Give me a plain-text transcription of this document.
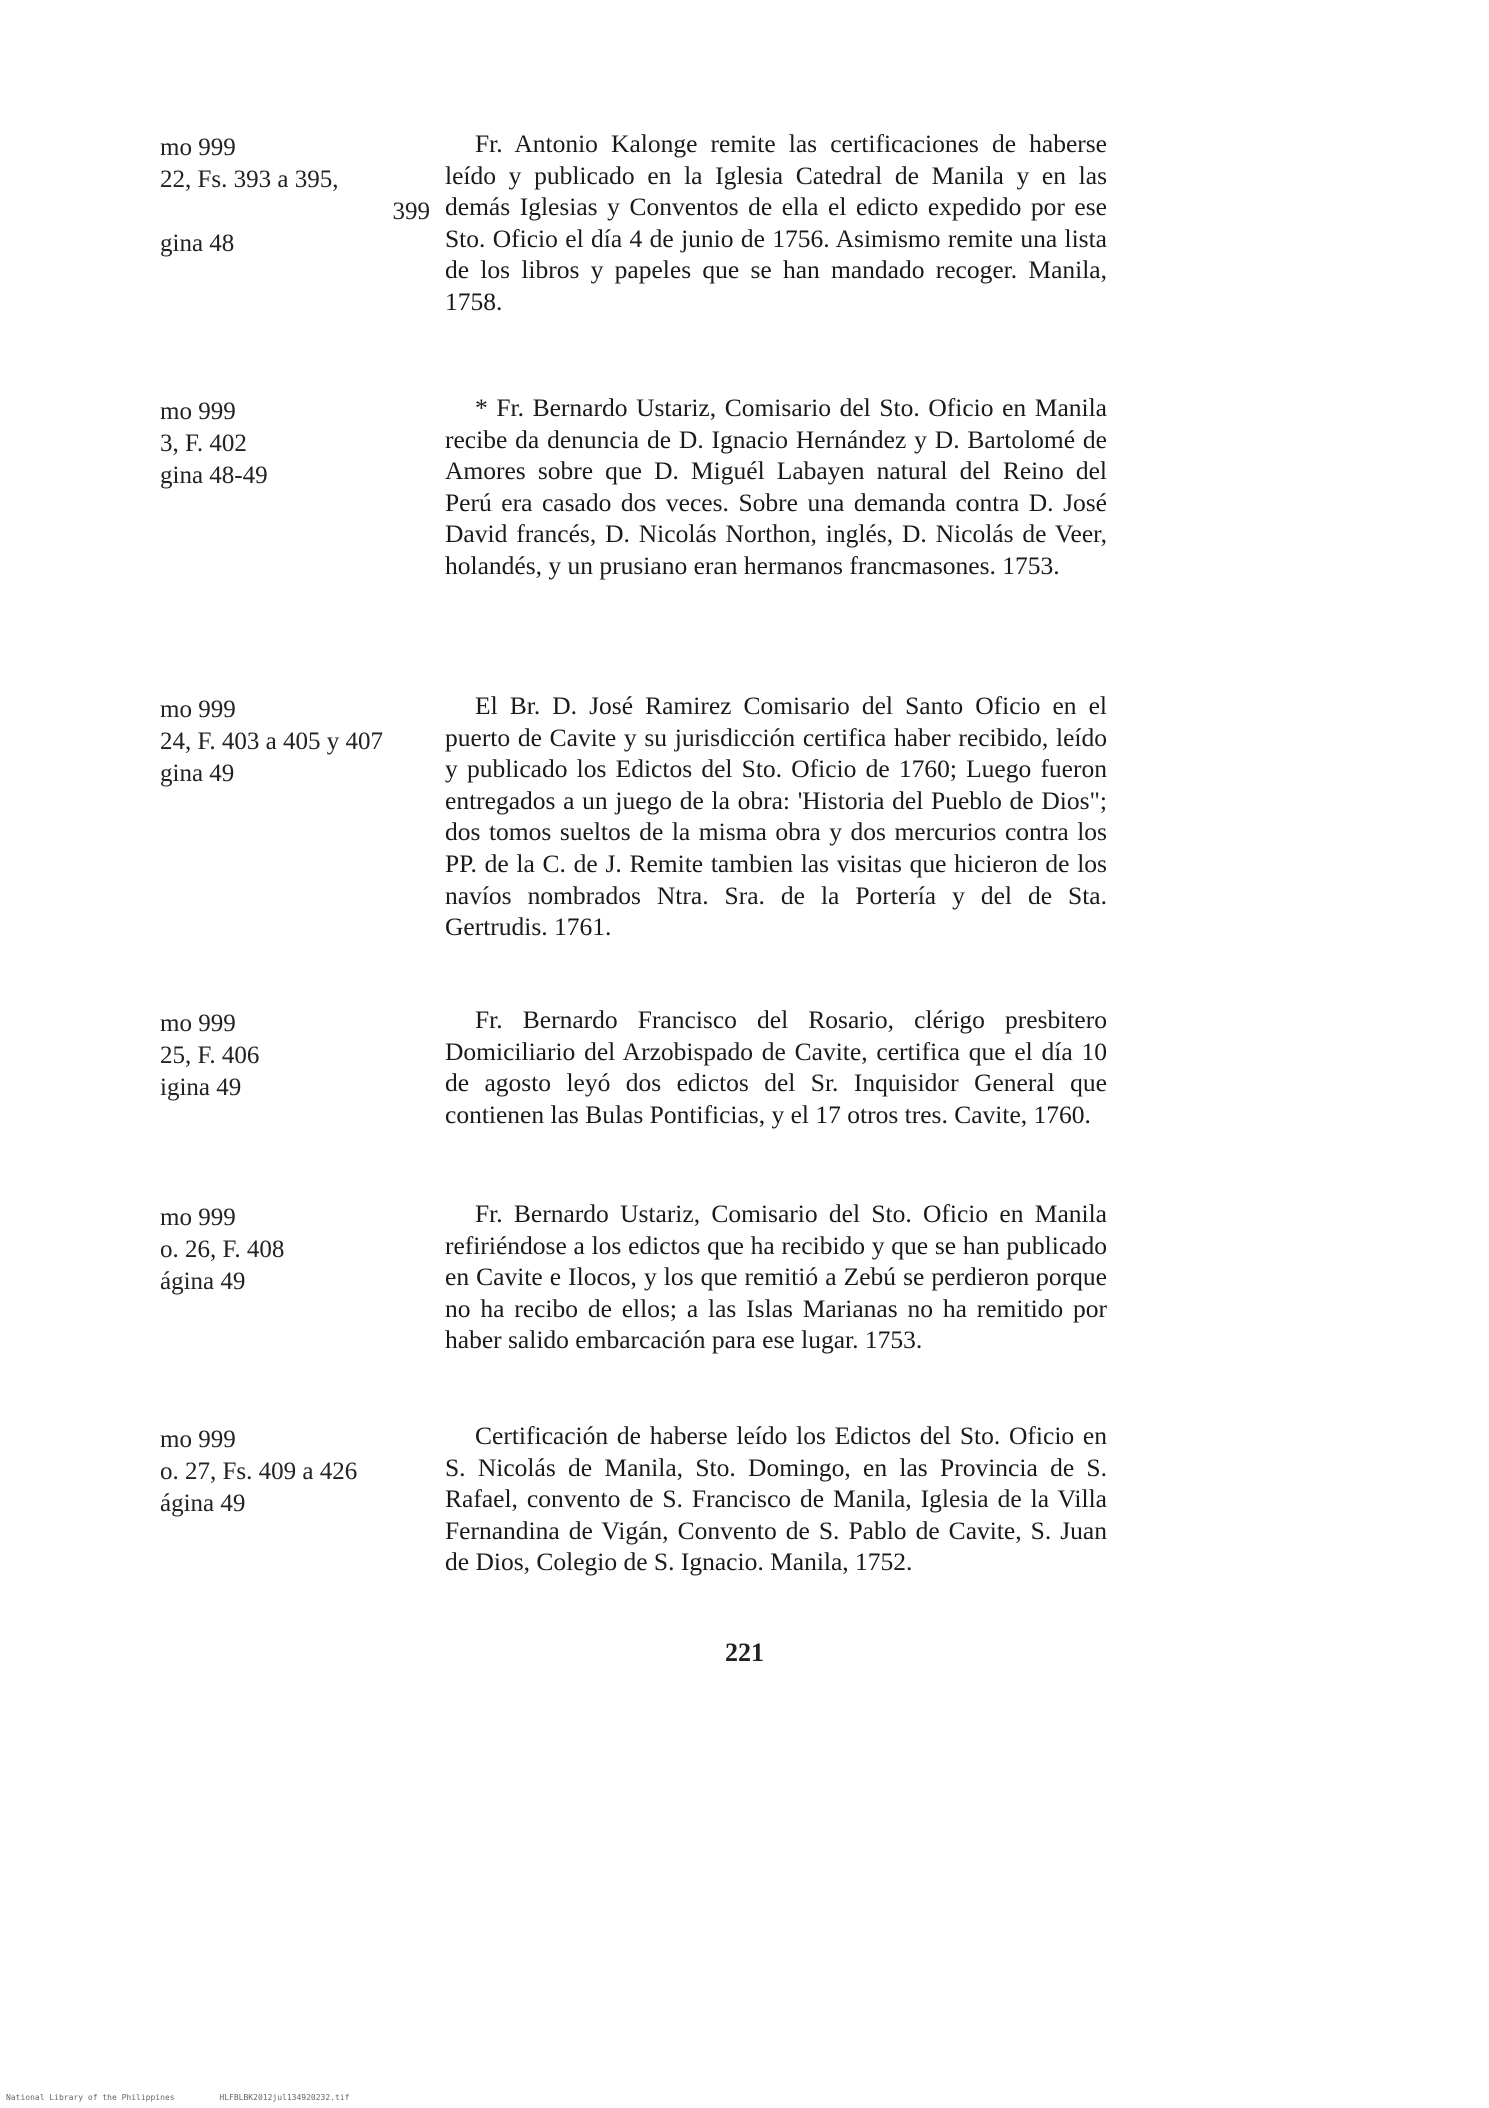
mo 999
22, Fs. 393 a 395,
399
gina 48
Fr. Antonio Kalonge remite las certificaciones de haberse leído y publicado en la Iglesia Catedral de Manila y en las demás Iglesias y Conventos de ella el edicto expedido por ese Sto. Oficio el día 4 de junio de 1756. Asimismo remite una lista de los libros y papeles que se han mandado recoger. Manila, 1758.
mo 999
3, F. 402
gina 48-49
* Fr. Bernardo Ustariz, Comisario del Sto. Oficio en Manila recibe da denuncia de D. Ignacio Hernández y D. Bartolomé de Amores sobre que D. Miguél Labayen natural del Reino del Perú era casado dos veces. Sobre una demanda contra D. José David francés, D. Nicolás Northon, inglés, D. Nicolás de Veer, holandés, y un prusiano eran hermanos francmasones. 1753.
mo 999
24, F. 403 a 405 y 407
gina 49
El Br. D. José Ramirez Comisario del Santo Oficio en el puerto de Cavite y su jurisdicción certifica haber recibido, leído y publicado los Edictos del Sto. Oficio de 1760; Luego fueron entregados a un juego de la obra: 'Historia del Pueblo de Dios"; dos tomos sueltos de la misma obra y dos mercurios contra los PP. de la C. de J. Remite tambien las visitas que hicieron de los navíos nombrados Ntra. Sra. de la Portería y del de Sta. Gertrudis. 1761.
mo 999
25, F. 406
igina 49
Fr. Bernardo Francisco del Rosario, clérigo presbitero Domiciliario del Arzobispado de Cavite, certifica que el día 10 de agosto leyó dos edictos del Sr. Inquisidor General que contienen las Bulas Pontificias, y el 17 otros tres. Cavite, 1760.
mo 999
o. 26, F. 408
ágina 49
Fr. Bernardo Ustariz, Comisario del Sto. Oficio en Manila refiriéndose a los edictos que ha recibido y que se han publicado en Cavite e Ilocos, y los que remitió a Zebú se perdieron porque no ha recibo de ellos; a las Islas Marianas no ha remitido por haber salido embarcación para ese lugar. 1753.
mo 999
o. 27, Fs. 409 a 426
ágina 49
Certificación de haberse leído los Edictos del Sto. Oficio en S. Nicolás de Manila, Sto. Domingo, en las Provincia de S. Rafael, convento de S. Francisco de Manila, Iglesia de la Villa Fernandina de Vigán, Convento de S. Pablo de Cavite, S. Juan de Dios, Colegio de S. Ignacio. Manila, 1752.
221
National Library of the Philippines	HLFBLBK2012jul134920232.tif
